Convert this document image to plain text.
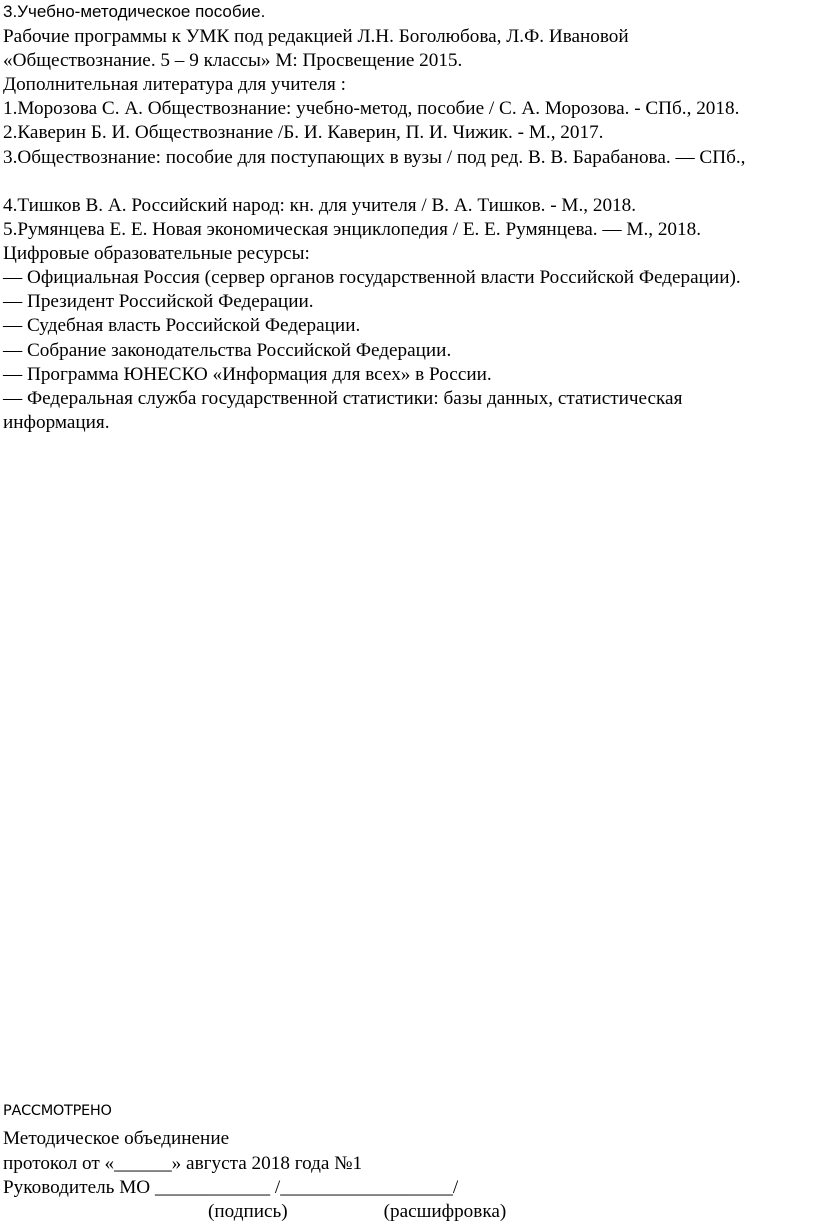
3.Учебно-методическое пособие.
Рабочие программы к УМК под редакцией Л.Н. Боголюбова, Л.Ф. Ивановой
«Обществознание. 5 – 9 классы» М: Просвещение 2015.
Дополнительная литература для учителя :
1.Морозова С. А. Обществознание: учебно-метод, пособие / С. А. Морозова. - СПб., 2018.
2.Каверин Б. И. Обществознание /Б. И. Каверин, П. И. Чижик. - М., 2017.
3.Обществознание: пособие для поступающих в вузы / под ред. В. В. Барабанова. — СПб.,
4.Тишков В. А. Российский народ: кн. для учителя / В. А. Тишков. - М., 2018.
5.Румянцева Е. Е. Новая экономическая энциклопедия / Е. Е. Румянцева. — М., 2018.
Цифровые образовательные ресурсы:
— Официальная Россия (сервер органов государственной власти Российской Федерации).
— Президент Российской Федерации.
— Судебная власть Российской Федерации.
— Собрание законодательства Российской Федерации.
— Программа ЮНЕСКО «Информация для всех» в России.
— Федеральная служба государственной статистики: базы данных, статистическая
информация.
РАССМОТРЕНО
Методическое объединение
протокол от «______» августа 2018 года №1
Руководитель МО ____________ /__________________/
(подпись)                    (расшифровка)
